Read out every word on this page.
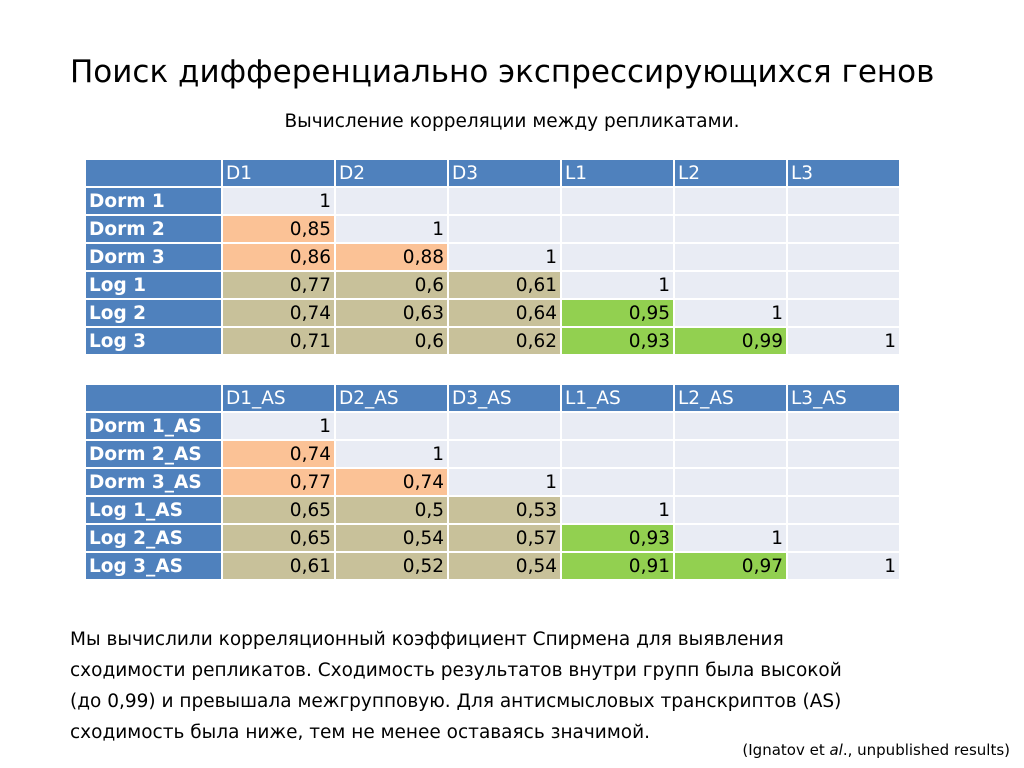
Поиск дифференциально экспрессирующихся генов
Вычисление корреляции между репликатами.
	D1	D2	D3	L1	L2	L3
Dorm 1	1					
Dorm 2	0,85	1				
Dorm 3	0,86	0,88	1			
Log 1	0,77	0,6	0,61	1		
Log 2	0,74	0,63	0,64	0,95	1	
Log 3	0,71	0,6	0,62	0,93	0,99	1
	D1_AS	D2_AS	D3_AS	L1_AS	L2_AS	L3_AS
Dorm 1_AS	1					
Dorm 2_AS	0,74	1				
Dorm 3_AS	0,77	0,74	1			
Log 1_AS	0,65	0,5	0,53	1		
Log 2_AS	0,65	0,54	0,57	0,93	1	
Log 3_AS	0,61	0,52	0,54	0,91	0,97	1
Мы вычислили корреляционный коэффициент Спирмена для выявления
сходимости репликатов. Сходимость результатов внутри групп была высокой
(до 0,99) и превышала межгрупповую. Для антисмысловых транскриптов (AS)
сходимость была ниже, тем не менее оставаясь значимой.
(Ignatov et al., unpublished results)
